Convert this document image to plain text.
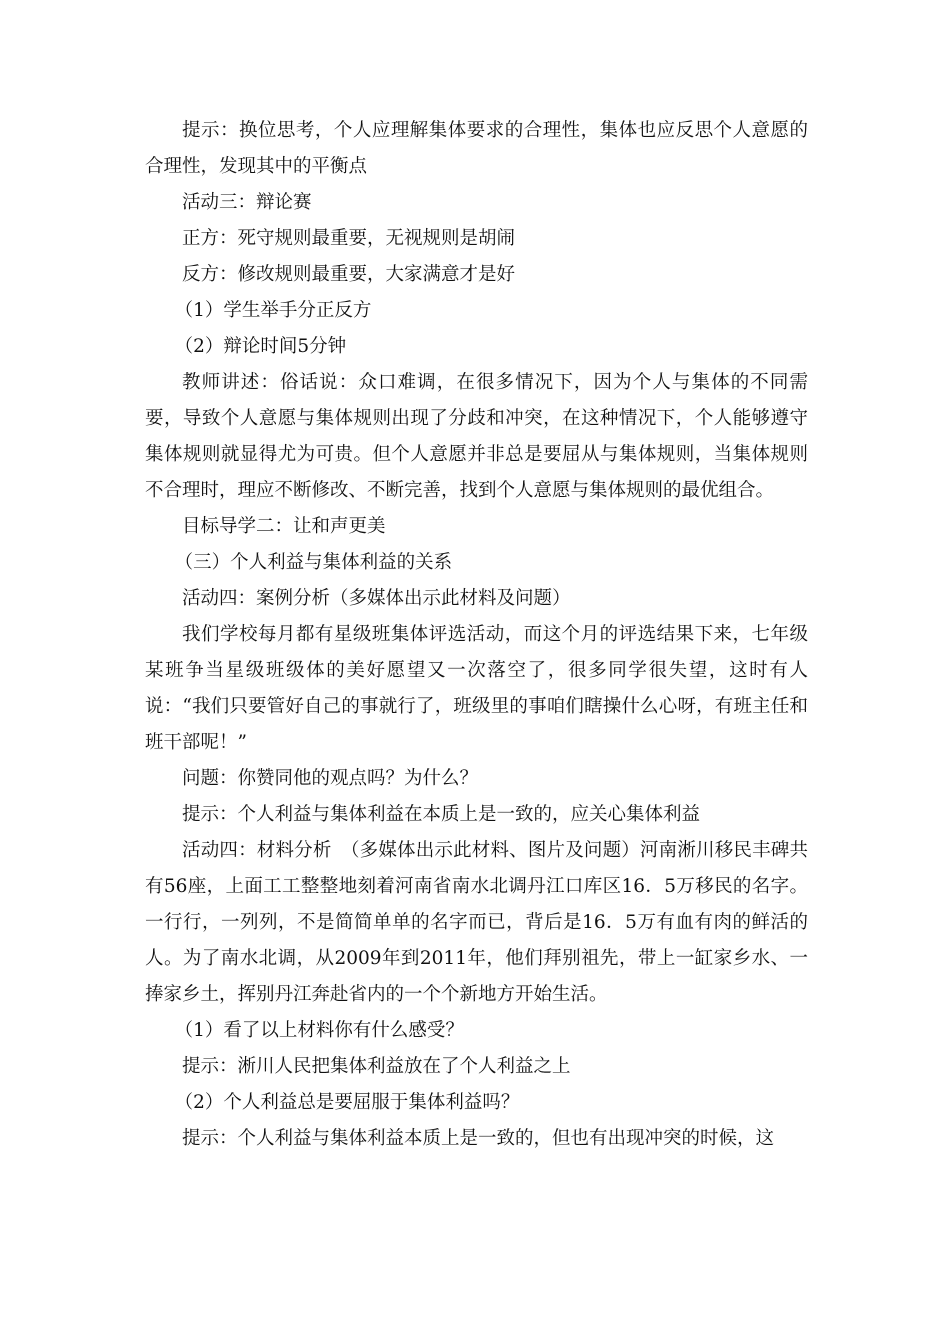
提示：换位思考，个人应理解集体要求的合理性，集体也应反思个人意愿的合理性，发现其中的平衡点

活动三：辩论赛

正方：死守规则最重要，无视规则是胡闹

反方：修改规则最重要，大家满意才是好

（1）学生举手分正反方

（2）辩论时间5分钟

教师讲述：俗话说：众口难调，在很多情况下，因为个人与集体的不同需要，导致个人意愿与集体规则出现了分歧和冲突，在这种情况下，个人能够遵守集体规则就显得尤为可贵。但个人意愿并非总是要屈从与集体规则，当集体规则不合理时，理应不断修改、不断完善，找到个人意愿与集体规则的最优组合。

目标导学二：让和声更美

（三）个人利益与集体利益的关系

活动四：案例分析（多媒体出示此材料及问题）

我们学校每月都有星级班集体评选活动，而这个月的评选结果下来，七年级某班争当星级班级体的美好愿望又一次落空了，很多同学很失望，这时有人说：“我们只要管好自己的事就行了，班级里的事咱们瞎操什么心呀，有班主任和班干部呢！”

问题：你赞同他的观点吗？为什么？

提示：个人利益与集体利益在本质上是一致的，应关心集体利益

活动四：材料分析　（多媒体出示此材料、图片及问题）河南淅川移民丰碑共有56座，上面工工整整地刻着河南省南水北调丹江口库区16．5万移民的名字。一行行，一列列，不是简简单单的名字而已，背后是16．5万有血有肉的鲜活的人。为了南水北调，从2009年到2011年，他们拜别祖先，带上一缸家乡水、一捧家乡土，挥别丹江奔赴省内的一个个新地方开始生活。

（1）看了以上材料你有什么感受？

提示：淅川人民把集体利益放在了个人利益之上

（2）个人利益总是要屈服于集体利益吗？

提示：个人利益与集体利益本质上是一致的，但也有出现冲突的时候，这
